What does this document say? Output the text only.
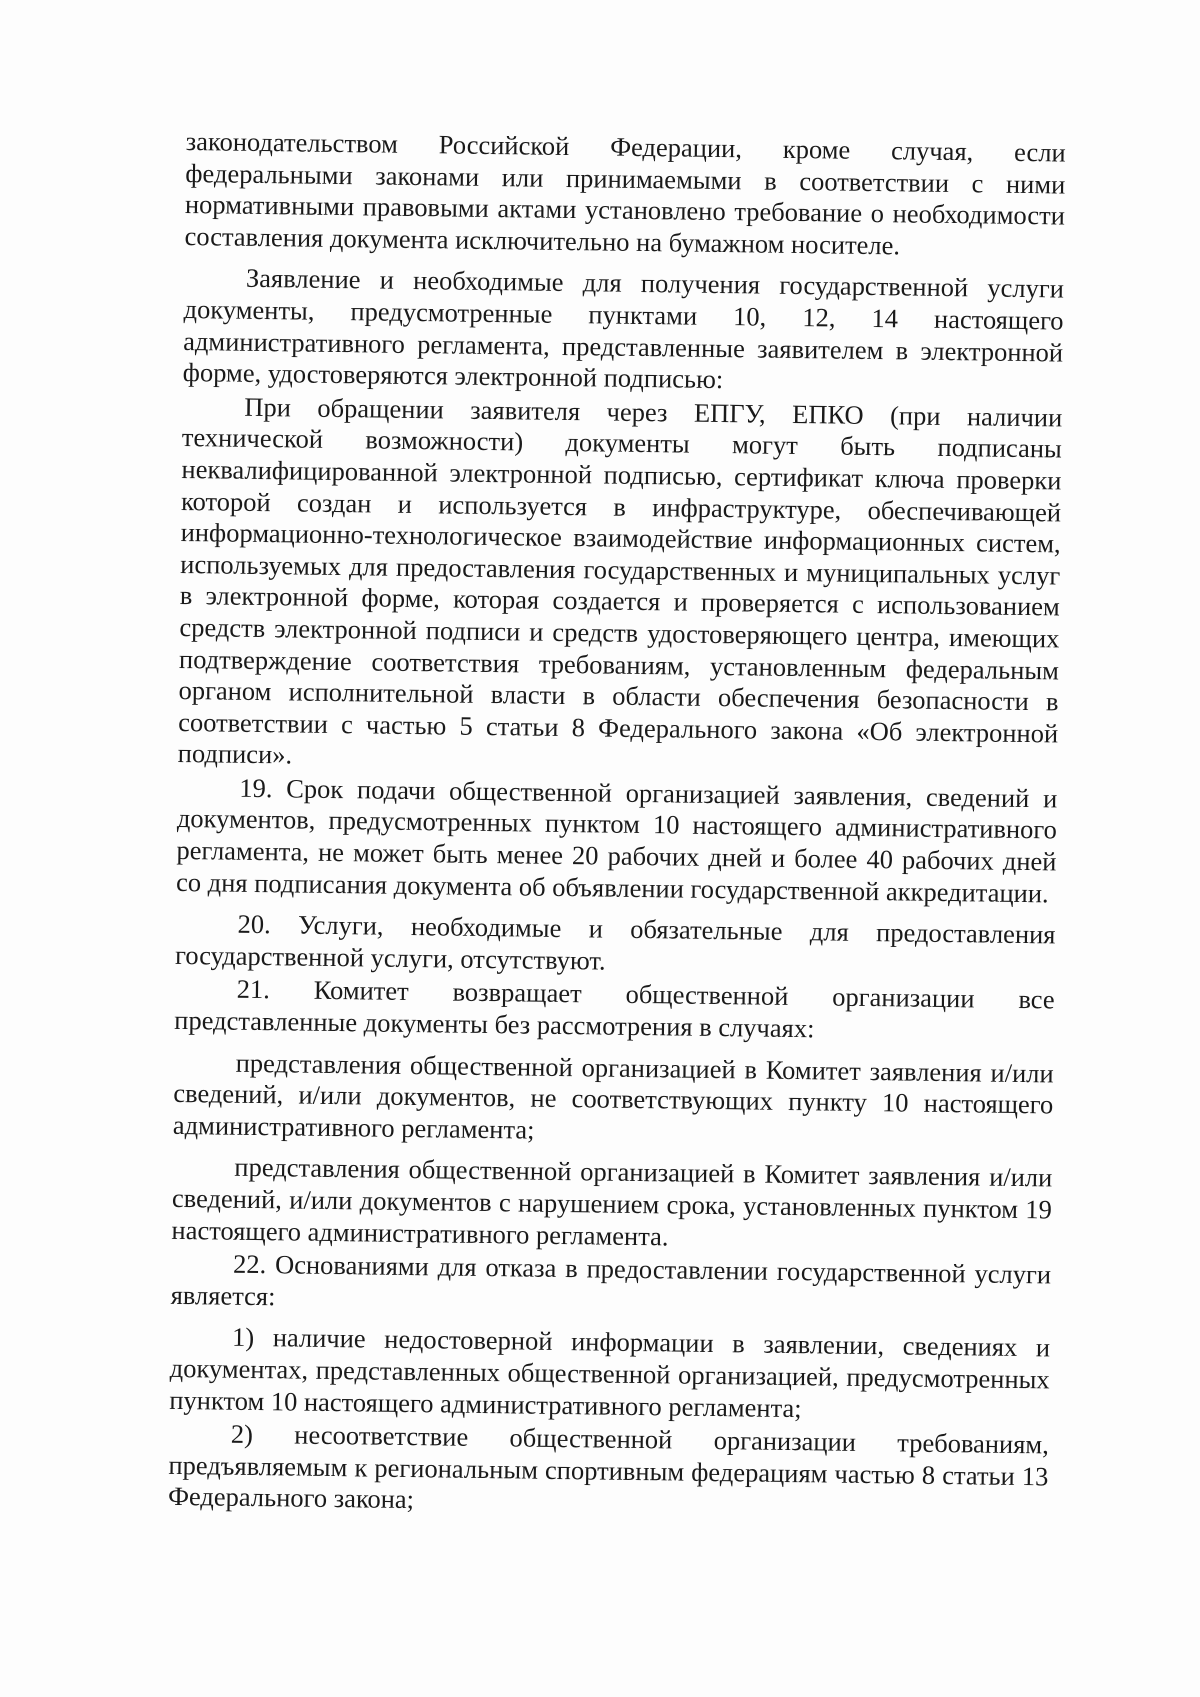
законодательством Российской Федерации, кроме случая, если федеральными законами или принимаемыми в соответствии с ними нормативными правовыми актами установлено требование о необходимости составления документа исключительно на бумажном носителе.

Заявление и необходимые для получения государственной услуги документы, предусмотренные пунктами 10, 12, 14 настоящего административного регламента, представленные заявителем в электронной форме, удостоверяются электронной подписью:

При обращении заявителя через ЕПГУ, ЕПКО (при наличии технической возможности) документы могут быть подписаны неквалифицированной электронной подписью, сертификат ключа проверки которой создан и используется в инфраструктуре, обеспечивающей информационно-технологическое взаимодействие информационных систем, используемых для предоставления государственных и муниципальных услуг в электронной форме, которая создается и проверяется с использованием средств электронной подписи и средств удостоверяющего центра, имеющих подтверждение соответствия требованиям, установленным федеральным органом исполнительной власти в области обеспечения безопасности в соответствии с частью 5 статьи 8 Федерального закона «Об электронной подписи».

19. Срок подачи общественной организацией заявления, сведений и документов, предусмотренных пунктом 10 настоящего административного регламента, не может быть менее 20 рабочих дней и более 40 рабочих дней со дня подписания документа об объявлении государственной аккредитации.

20. Услуги, необходимые и обязательные для предоставления государственной услуги, отсутствуют.

21. Комитет возвращает общественной организации все представленные документы без рассмотрения в случаях:

представления общественной организацией в Комитет заявления и/или сведений, и/или документов, не соответствующих пункту 10 настоящего административного регламента;

представления общественной организацией в Комитет заявления и/или сведений, и/или документов с нарушением срока, установленных пунктом 19 настоящего административного регламента.

22. Основаниями для отказа в предоставлении государственной услуги является:

1) наличие недостоверной информации в заявлении, сведениях и документах, представленных общественной организацией, предусмотренных пунктом 10 настоящего административного регламента;

2) несоответствие общественной организации требованиям, предъявляемым к региональным спортивным федерациям частью 8 статьи 13 Федерального закона;
